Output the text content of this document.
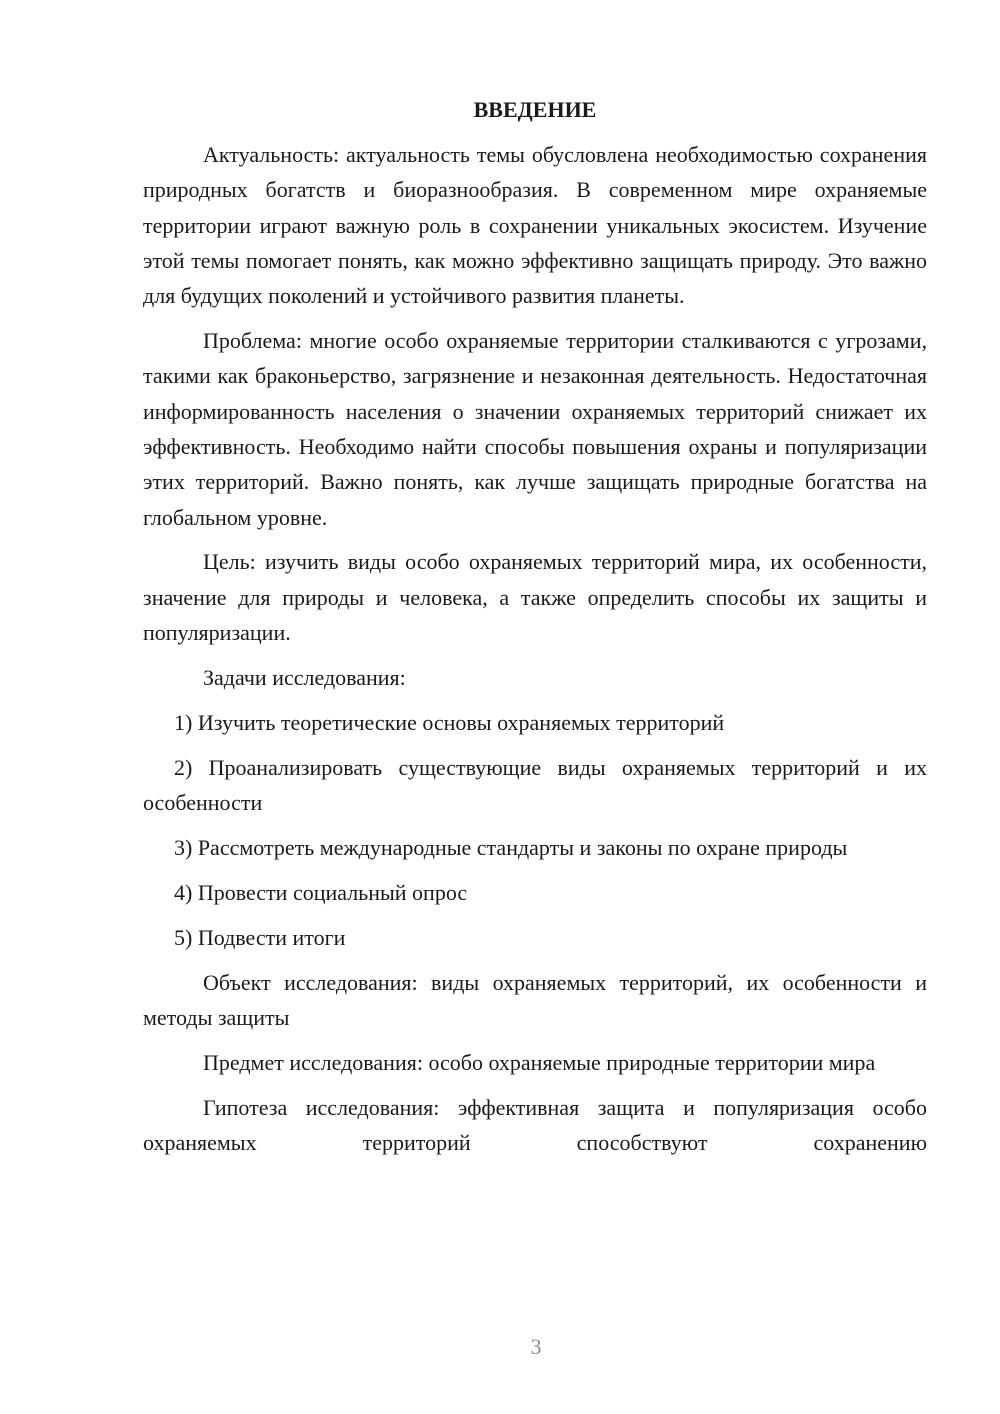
ВВЕДЕНИЕ

Актуальность: актуальность темы обусловлена необходимостью сохранения природных богатств и биоразнообразия. В современном мире охраняемые территории играют важную роль в сохранении уникальных экосистем. Изучение этой темы помогает понять, как можно эффективно защищать природу. Это важно для будущих поколений и устойчивого развития планеты.

Проблема: многие особо охраняемые территории сталкиваются с угрозами, такими как браконьерство, загрязнение и незаконная деятельность. Недостаточная информированность населения о значении охраняемых территорий снижает их эффективность. Необходимо найти способы повышения охраны и популяризации этих территорий. Важно понять, как лучше защищать природные богатства на глобальном уровне.

Цель: изучить виды особо охраняемых территорий мира, их особенности, значение для природы и человека, а также определить способы их защиты и популяризации.

Задачи исследования:

1) Изучить теоретические основы охраняемых территорий

2) Проанализировать существующие виды охраняемых территорий и их особенности

3) Рассмотреть международные стандарты и законы по охране природы

4) Провести социальный опрос

5) Подвести итоги

Объект исследования: виды охраняемых территорий, их особенности и методы защиты

Предмет исследования: особо охраняемые природные территории мира

Гипотеза исследования: эффективная защита и популяризация особо охраняемых территорий способствуют сохранению

3
